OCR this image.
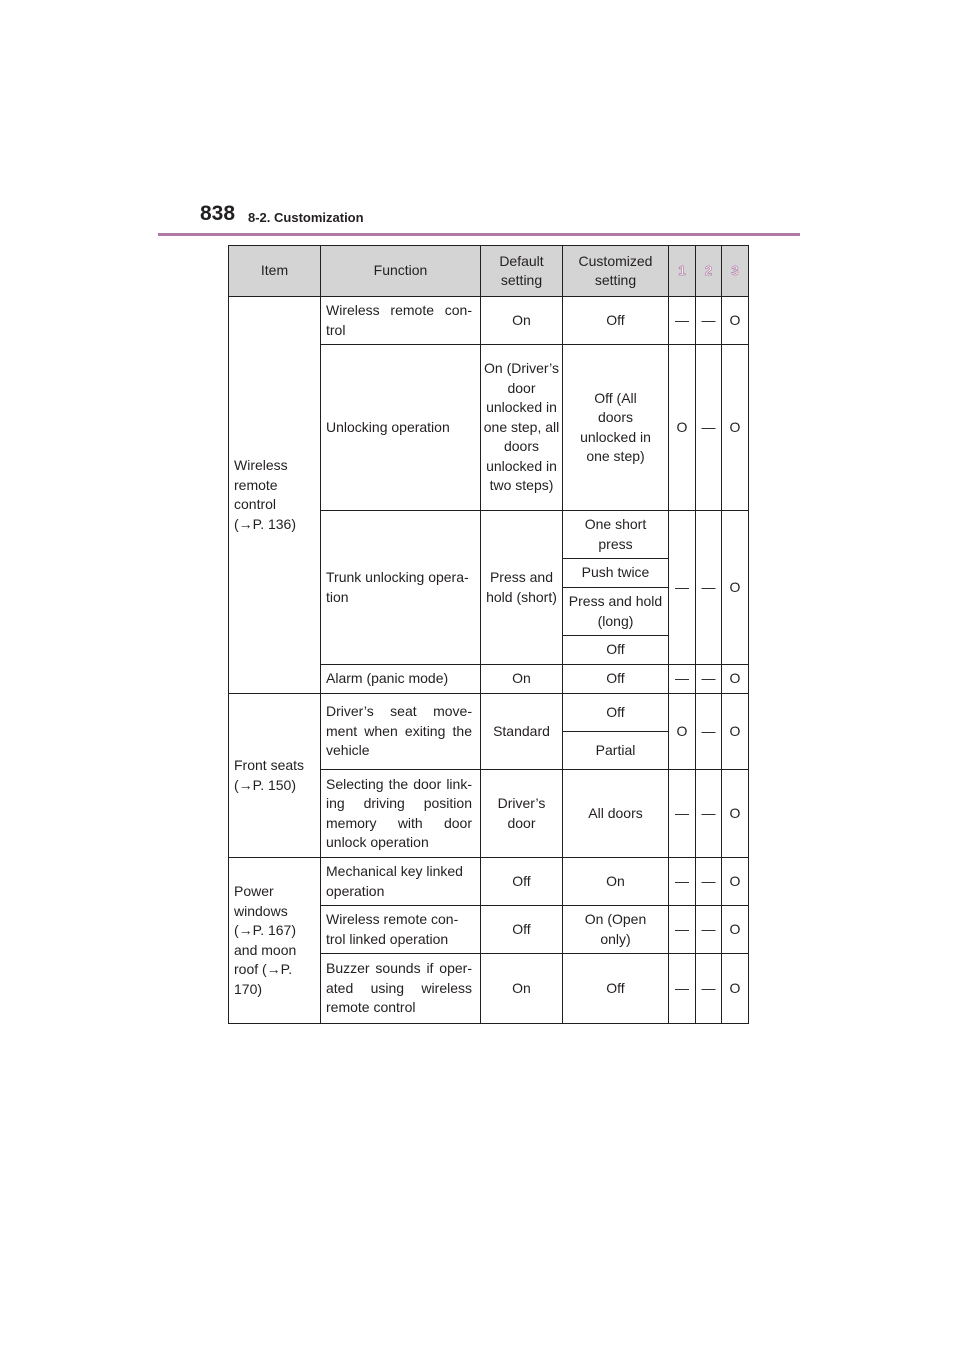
838 8-2. Customization
Item	Function	Default setting	Customized setting	1	2	3
Wireless remote control (→P. 136)	Wireless remote con-trol	On	Off	—	—	O
	Unlocking operation	On (Driver’s door unlocked in one step, all doors unlocked in two steps)	Off (All doors unlocked in one step)	O	—	O
	Trunk unlocking opera-tion	Press and hold (short)	One short press	—	—	O
			Push twice			
			Press and hold (long)			
			Off			
	Alarm (panic mode)	On	Off	—	—	O
Front seats (→P. 150)	Driver’s seat move-ment when exiting the vehicle	Standard	Off	O	—	O
			Partial			
	Selecting the door link-ing driving position memory with door unlock operation	Driver’s door	All doors	—	—	O
Power windows (→P. 167) and moon roof (→P. 170)	Mechanical key linked operation	Off	On	—	—	O
	Wireless remote con-trol linked operation	Off	On (Open only)	—	—	O
	Buzzer sounds if oper-ated using wireless remote control	On	Off	—	—	O
